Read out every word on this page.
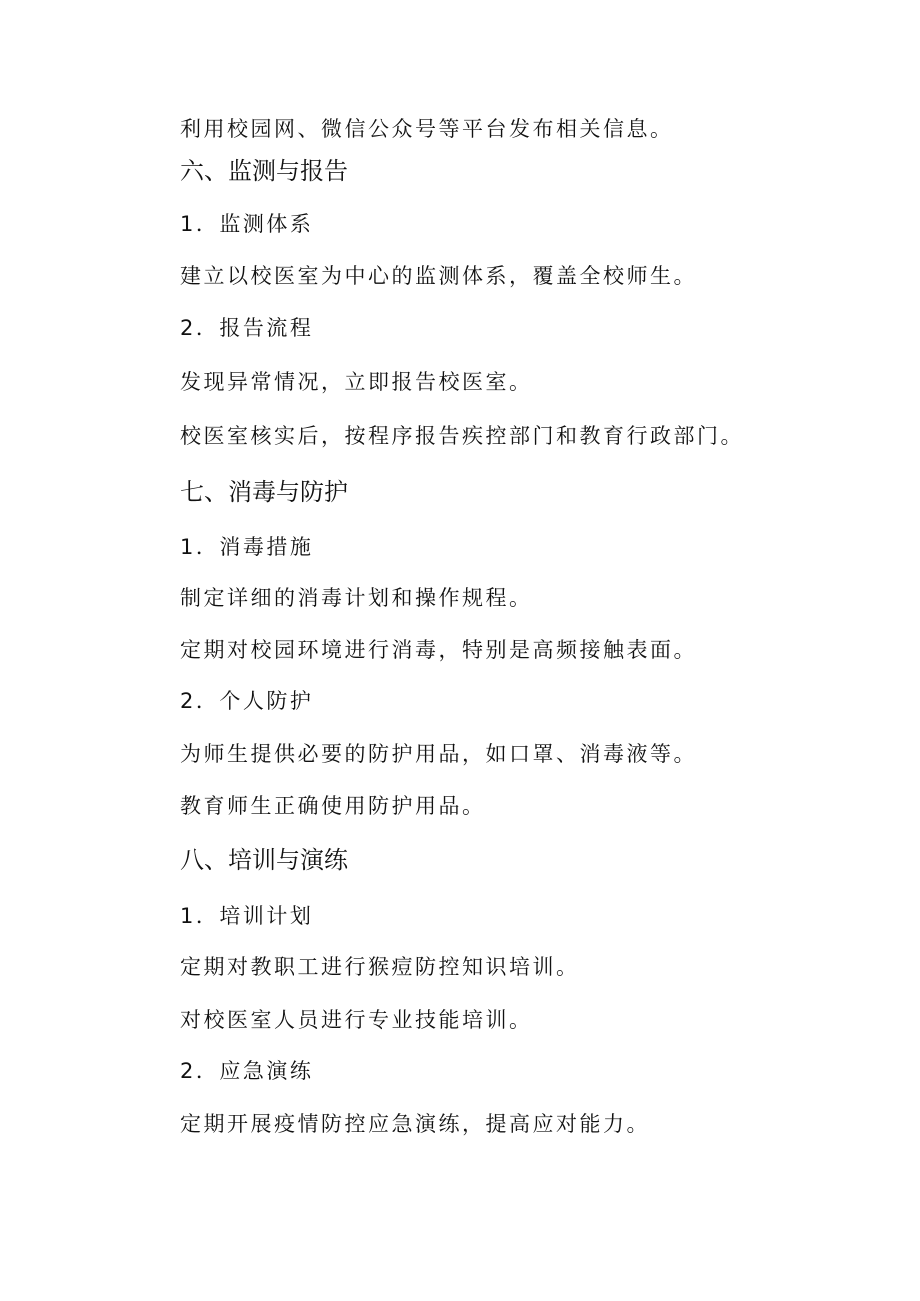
利用校园网、微信公众号等平台发布相关信息。
六、监测与报告
1．监测体系
建立以校医室为中心的监测体系，覆盖全校师生。
2．报告流程
发现异常情况，立即报告校医室。
校医室核实后，按程序报告疾控部门和教育行政部门。
七、消毒与防护
1．消毒措施
制定详细的消毒计划和操作规程。
定期对校园环境进行消毒，特别是高频接触表面。
2．个人防护
为师生提供必要的防护用品，如口罩、消毒液等。
教育师生正确使用防护用品。
八、培训与演练
1．培训计划
定期对教职工进行猴痘防控知识培训。
对校医室人员进行专业技能培训。
2．应急演练
定期开展疫情防控应急演练，提高应对能力。
